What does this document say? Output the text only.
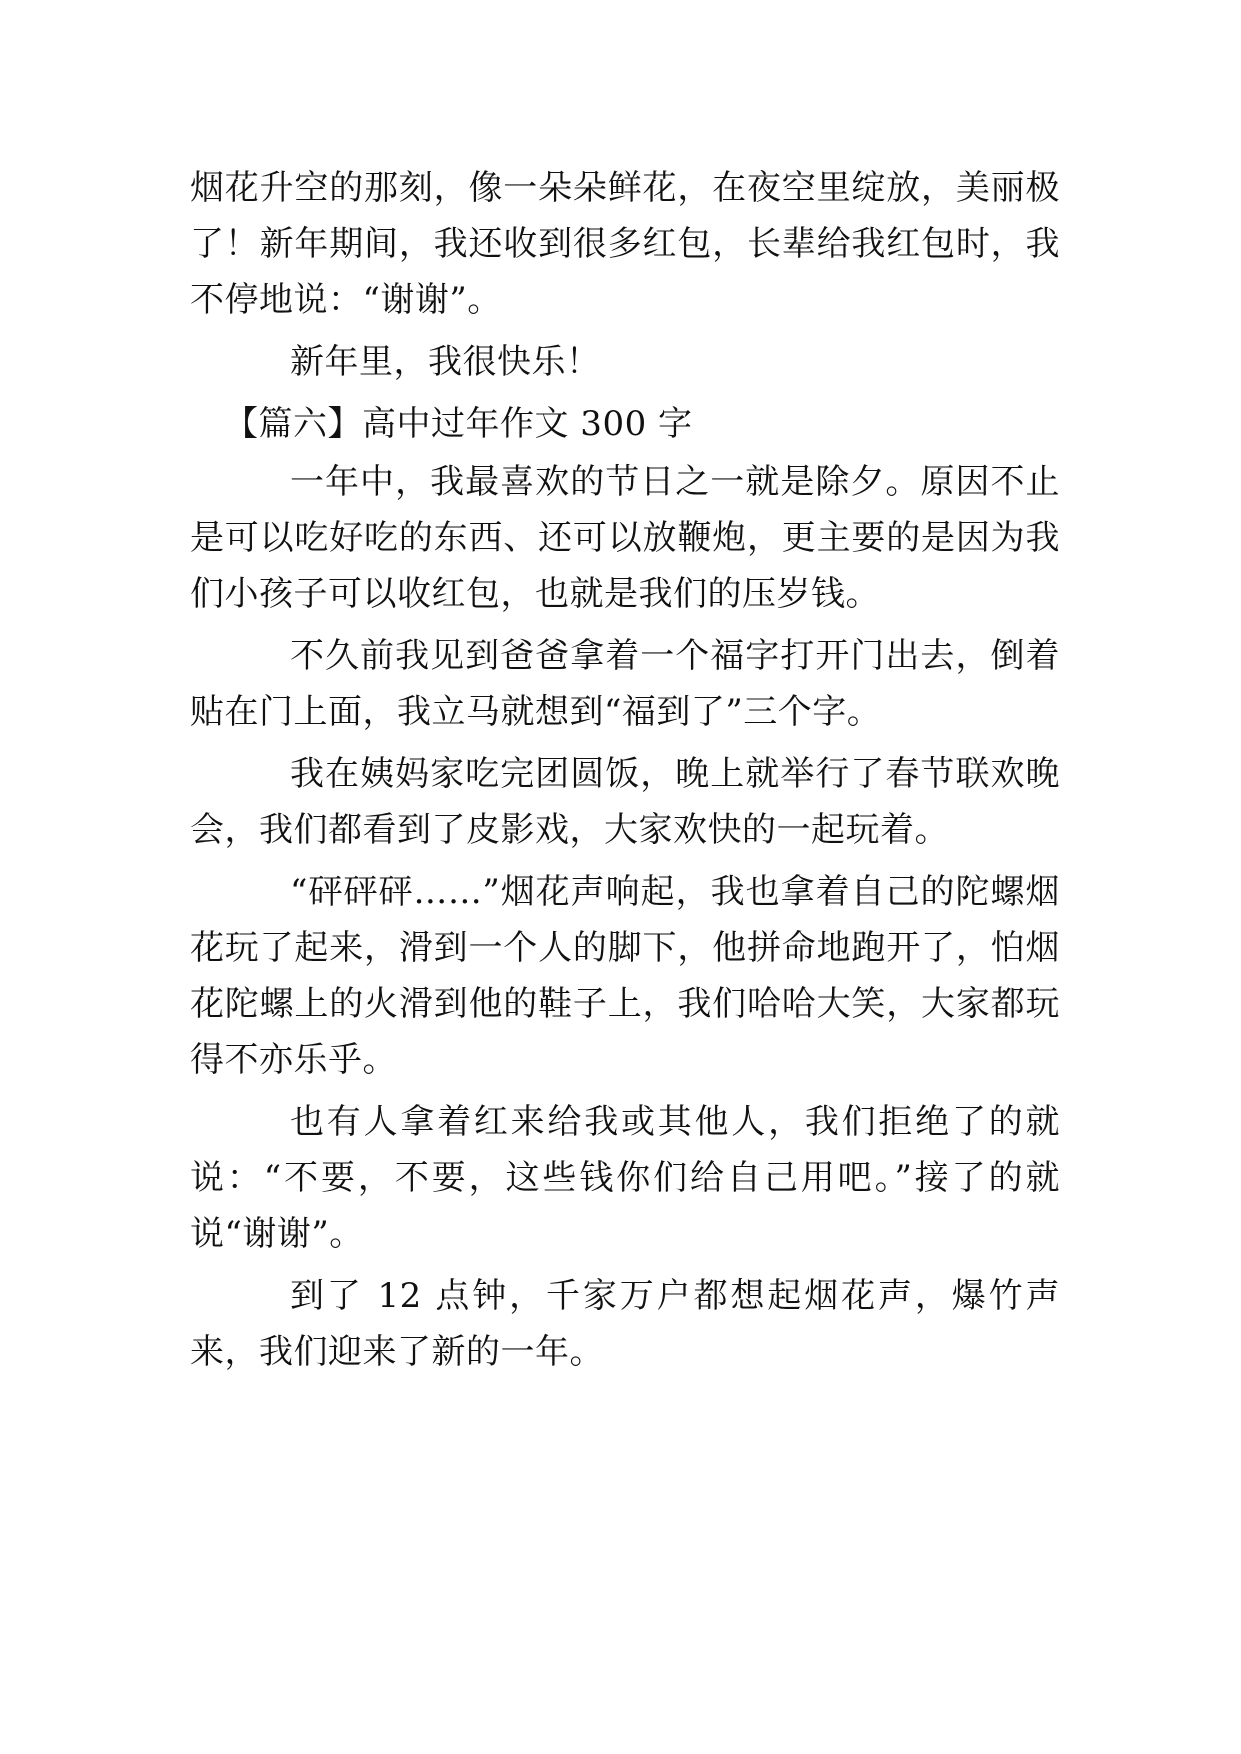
烟花升空的那刻，像一朵朵鲜花，在夜空里绽放，美丽极了！新年期间，我还收到很多红包，长辈给我红包时，我不停地说：“谢谢”。

新年里，我很快乐！

【篇六】高中过年作文 300 字

一年中，我最喜欢的节日之一就是除夕。原因不止是可以吃好吃的东西、还可以放鞭炮，更主要的是因为我们小孩子可以收红包，也就是我们的压岁钱。

不久前我见到爸爸拿着一个福字打开门出去，倒着贴在门上面，我立马就想到“福到了”三个字。

我在姨妈家吃完团圆饭，晚上就举行了春节联欢晚会，我们都看到了皮影戏，大家欢快的一起玩着。

“砰砰砰……”烟花声响起，我也拿着自己的陀螺烟花玩了起来，滑到一个人的脚下，他拼命地跑开了，怕烟花陀螺上的火滑到他的鞋子上，我们哈哈大笑，大家都玩得不亦乐乎。

也有人拿着红来给我或其他人，我们拒绝了的就说：“不要，不要，这些钱你们给自己用吧。”接了的就说“谢谢”。

到了 12 点钟，千家万户都想起烟花声，爆竹声来，我们迎来了新的一年。
